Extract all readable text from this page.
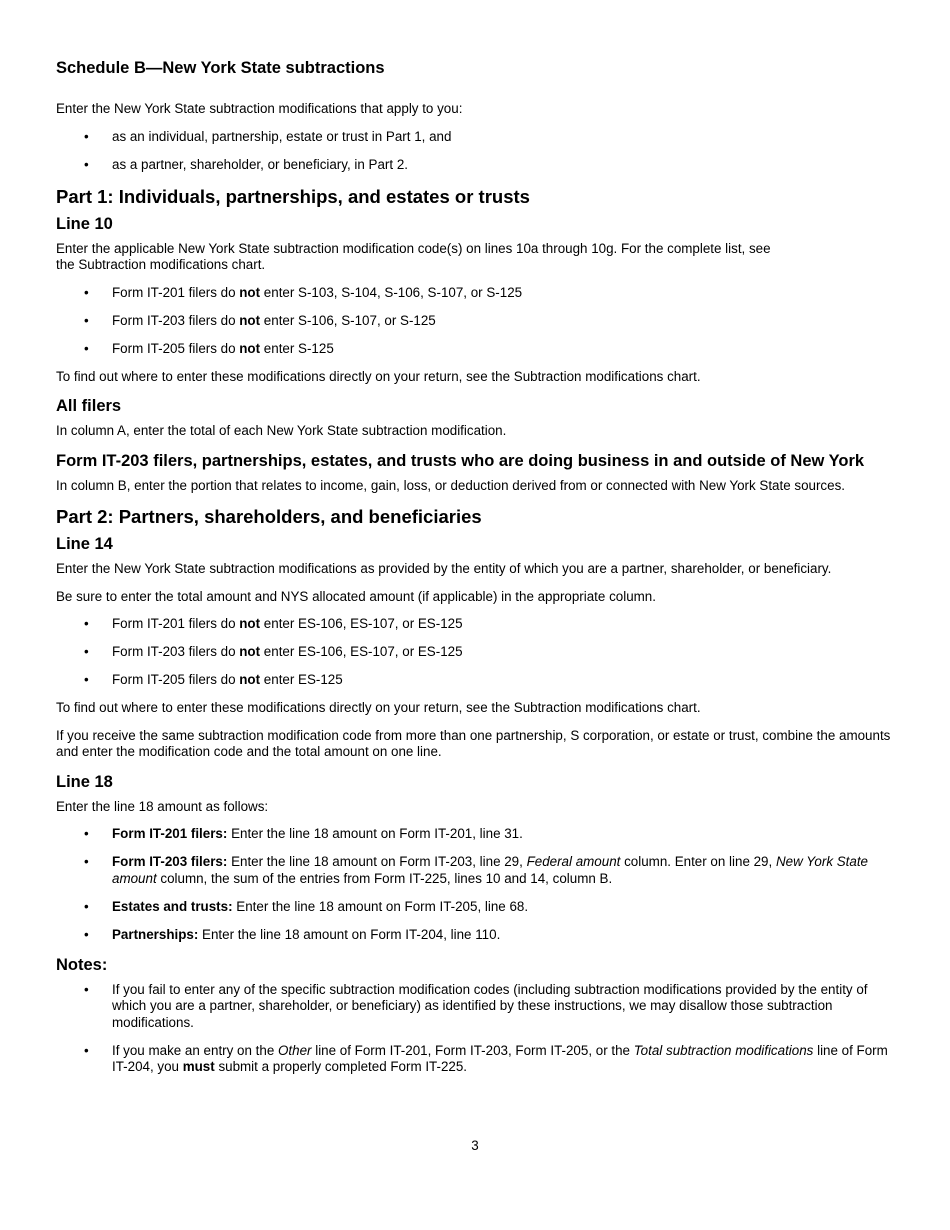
Schedule B—New York State subtractions

Enter the New York State subtraction modifications that apply to you:

• as an individual, partnership, estate or trust in Part 1, and
• as a partner, shareholder, or beneficiary, in Part 2.
Part 1: Individuals, partnerships, and estates or trusts
Line 10

Enter the applicable New York State subtraction modification code(s) on lines 10a through 10g. For the complete list, see
the Subtraction modifications chart.

• Form IT-201 filers do not enter S-103, S-104, S-106, S-107, or S-125
• Form IT-203 filers do not enter S-106, S-107, or S-125
• Form IT-205 filers do not enter S-125

To find out where to enter these modifications directly on your return, see the Subtraction modifications chart.

All filers

In column A, enter the total of each New York State subtraction modification.

Form IT-203 filers, partnerships, estates, and trusts who are doing business in and outside of New York

In column B, enter the portion that relates to income, gain, loss, or deduction derived from or connected with New York State sources.

Part 2: Partners, shareholders, and beneficiaries
Line 14

Enter the New York State subtraction modifications as provided by the entity of which you are a partner, shareholder, or beneficiary.

Be sure to enter the total amount and NYS allocated amount (if applicable) in the appropriate column.

• Form IT-201 filers do not enter ES-106, ES-107, or ES-125
• Form IT-203 filers do not enter ES-106, ES-107, or ES-125
• Form IT-205 filers do not enter ES-125

To find out where to enter these modifications directly on your return, see the Subtraction modifications chart.

If you receive the same subtraction modification code from more than one partnership, S corporation, or estate or trust, combine the amounts and enter the modification code and the total amount on one line.

Line 18

Enter the line 18 amount as follows:

• Form IT-201 filers: Enter the line 18 amount on Form IT-201, line 31.
• Form IT-203 filers: Enter the line 18 amount on Form IT-203, line 29, Federal amount column. Enter on line 29, New York State amount column, the sum of the entries from Form IT-225, lines 10 and 14, column B.
• Estates and trusts: Enter the line 18 amount on Form IT-205, line 68.
• Partnerships: Enter the line 18 amount on Form IT-204, line 110.
Notes:
• If you fail to enter any of the specific subtraction modification codes (including subtraction modifications provided by the entity of which you are a partner, shareholder, or beneficiary) as identified by these instructions, we may disallow those subtraction modifications.
• If you make an entry on the Other line of Form IT-201, Form IT-203, Form IT-205, or the Total subtraction modifications line of Form IT-204, you must submit a properly completed Form IT-225.
3
